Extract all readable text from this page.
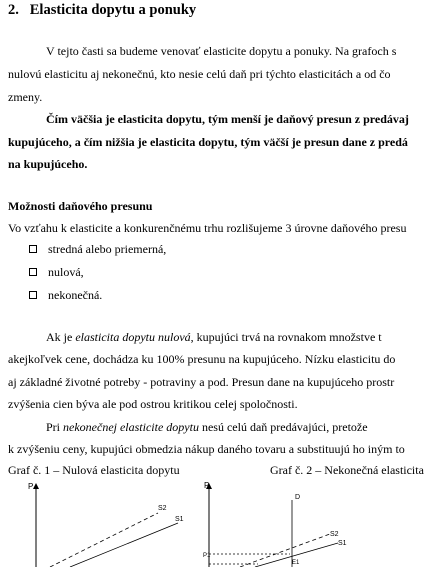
2. Elasticita dopytu a ponuky
V tejto časti sa budeme venovať elasticite dopytu a ponuky. Na grafoch s
nulovú elasticitu aj nekonečnú, kto nesie celú daň pri týchto elasticitách a od čo
zmeny.
Čím väčšia je elasticita dopytu, tým menší je daňový presun z predávaj
kupujúceho, a čím nižšia je elasticita dopytu, tým väčší je presun dane z predá
na kupujúceho.
Možnosti daňového presunu
Vo vzťahu k elasticite a konkurenčnému trhu rozlišujeme 3 úrovne daňového presu
stredná alebo priemerná,
nulová,
nekonečná.
Ak je elasticita dopytu nulová, kupujúci trvá na rovnakom množstve t
akejkoľvek cene, dochádza ku 100% presunu na kupujúceho. Nízku elasticitu do
aj základné životné potreby - potraviny a pod. Presun dane na kupujúceho prostr
zvýšenia cien býva ale pod ostrou kritikou celej spoločnosti.
Pri nekonečnej elasticite dopytu nesú celú daň predávajúci, pretože
k zvýšeniu ceny, kupujúci obmedzia nákup daného tovaru a substituujú ho iným to
Graf č. 1 – Nulová elasticita dopytu	Graf č. 2 – Nekonečná elasticita
P
S2
S1
P
D
S2
S1
P1
E1
